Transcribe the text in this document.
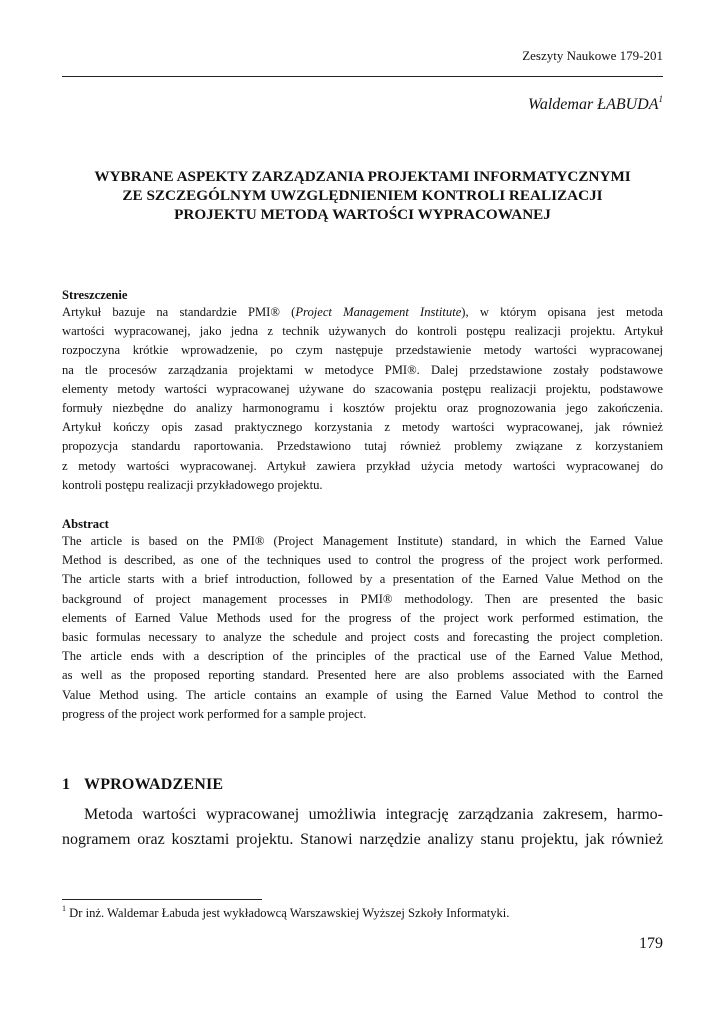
Zeszyty Naukowe 179-201
Waldemar ŁABUDA$^1$
WYBRANE ASPEKTY ZARZĄDZANIA PROJEKTAMI INFORMATYCZNYMI
ZE SZCZEGÓLNYM UWZGLĘDNIENIEM KONTROLI REALIZACJI
PROJEKTU METODĄ WARTOŚCI WYPRACOWANEJ
Streszczenie
Artykuł bazuje na standardzie PMI® (Project Management Institute), w którym opisana jest metoda
wartości wypracowanej, jako jedna z technik używanych do kontroli postępu realizacji projektu. Artykuł
rozpoczyna krótkie wprowadzenie, po czym następuje przedstawienie metody wartości wypracowanej
na tle procesów zarządzania projektami w metodyce PMI®. Dalej przedstawione zostały podstawowe
elementy metody wartości wypracowanej używane do szacowania postępu realizacji projektu, podstawowe
formuły niezbędne do analizy harmonogramu i kosztów projektu oraz prognozowania jego zakończenia.
Artykuł kończy opis zasad praktycznego korzystania z metody wartości wypracowanej, jak również
propozycja standardu raportowania. Przedstawiono tutaj również problemy związane z korzystaniem
z metody wartości wypracowanej. Artykuł zawiera przykład użycia metody wartości wypracowanej do
kontroli postępu realizacji przykładowego projektu.
Abstract
The article is based on the PMI® (Project Management Institute) standard, in which the Earned Value
Method is described, as one of the techniques used to control the progress of the project work performed.
The article starts with a brief introduction, followed by a presentation of the Earned Value Method on the
background of project management processes in PMI® methodology. Then are presented the basic
elements of Earned Value Methods used for the progress of the project work performed estimation, the
basic formulas necessary to analyze the schedule and project costs and forecasting the project completion.
The article ends with a description of the principles of the practical use of the Earned Value Method,
as well as the proposed reporting standard. Presented here are also problems associated with the Earned
Value Method using. The article contains an example of using the Earned Value Method to control the
progress of the project work performed for a sample project.
1 WPROWADZENIE
Metoda wartości wypracowanej umożliwia integrację zarządzania zakresem, harmo-
nogramem oraz kosztami projektu. Stanowi narzędzie analizy stanu projektu, jak również
$^1$ Dr inż. Waldemar Łabuda jest wykładowcą Warszawskiej Wyższej Szkoły Informatyki.
179
